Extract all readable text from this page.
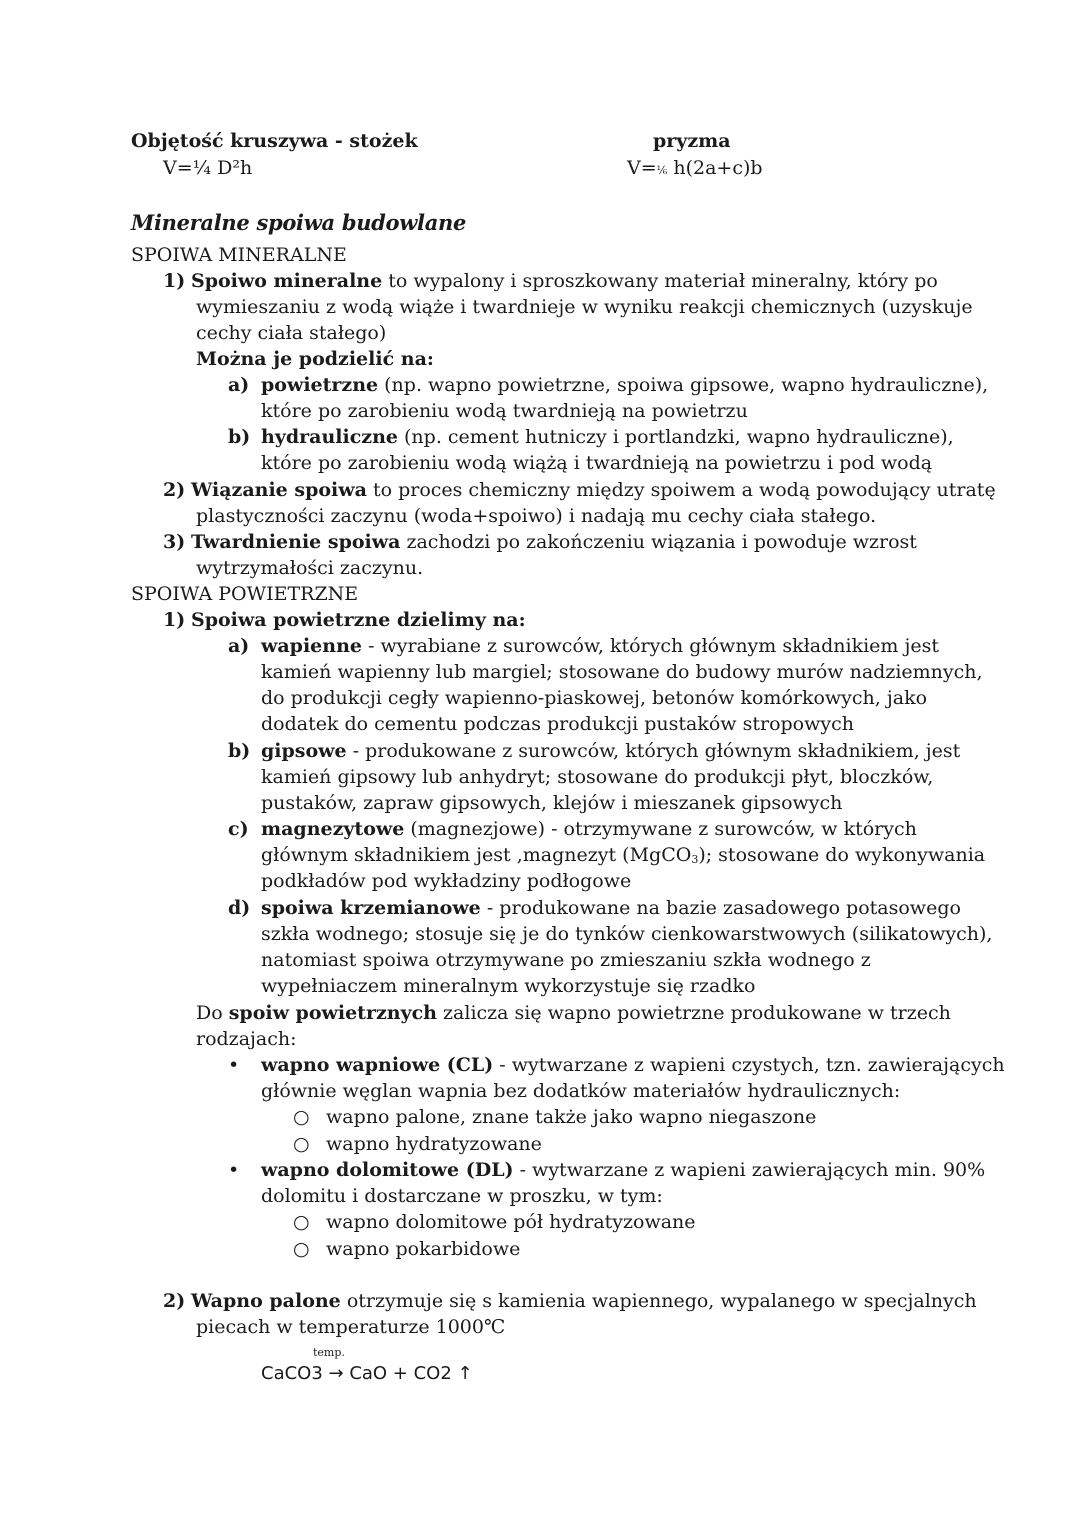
Objętość kruszywa - stożek
V=¼ D²h
pryzma
V=⅙ h(2a+c)b
Mineralne spoiwa budowlane
SPOIWA MINERALNE
1) Spoiwo mineralne to wypalony i sproszkowany materiał mineralny, który po
wymieszaniu z wodą wiąże i twardnieje w wyniku reakcji chemicznych (uzyskuje
cechy ciała stałego)
Można je podzielić na:
a) powietrzne (np. wapno powietrzne, spoiwa gipsowe, wapno hydrauliczne),
które po zarobieniu wodą twardnieją na powietrzu
b) hydrauliczne (np. cement hutniczy i portlandzki, wapno hydrauliczne),
które po zarobieniu wodą wiążą i twardnieją na powietrzu i pod wodą
2) Wiązanie spoiwa to proces chemiczny między spoiwem a wodą powodujący utratę
plastyczności zaczynu (woda+spoiwo) i nadają mu cechy ciała stałego.
3) Twardnienie spoiwa zachodzi po zakończeniu wiązania i powoduje wzrost
wytrzymałości zaczynu.
SPOIWA POWIETRZNE
1) Spoiwa powietrzne dzielimy na:
a) wapienne - wyrabiane z surowców, których głównym składnikiem jest
kamień wapienny lub margiel; stosowane do budowy murów nadziemnych,
do produkcji cegły wapienno-piaskowej, betonów komórkowych, jako
dodatek do cementu podczas produkcji pustaków stropowych
b) gipsowe - produkowane z surowców, których głównym składnikiem, jest
kamień gipsowy lub anhydryt; stosowane do produkcji płyt, bloczków,
pustaków, zapraw gipsowych, klejów i mieszanek gipsowych
c) magnezytowe (magnezjowe) - otrzymywane z surowców, w których
głównym składnikiem jest ,magnezyt (MgCO3); stosowane do wykonywania
podkładów pod wykładziny podłogowe
d) spoiwa krzemianowe - produkowane na bazie zasadowego potasowego
szkła wodnego; stosuje się je do tynków cienkowarstwowych (silikatowych),
natomiast spoiwa otrzymywane po zmieszaniu szkła wodnego z
wypełniaczem mineralnym wykorzystuje się rzadko
Do spoiw powietrznych zalicza się wapno powietrzne produkowane w trzech
rodzajach:
• wapno wapniowe (CL) - wytwarzane z wapieni czystych, tzn. zawierających
głównie węglan wapnia bez dodatków materiałów hydraulicznych:
○ wapno palone, znane także jako wapno niegaszone
○ wapno hydratyzowane
• wapno dolomitowe (DL) - wytwarzane z wapieni zawierających min. 90%
dolomitu i dostarczane w proszku, w tym:
○ wapno dolomitowe pół hydratyzowane
○ wapno pokarbidowe
2) Wapno palone otrzymuje się s kamienia wapiennego, wypalanego w specjalnych
piecach w temperaturze 1000℃
temp.
CaCO3 → CaO + CO2 ↑
